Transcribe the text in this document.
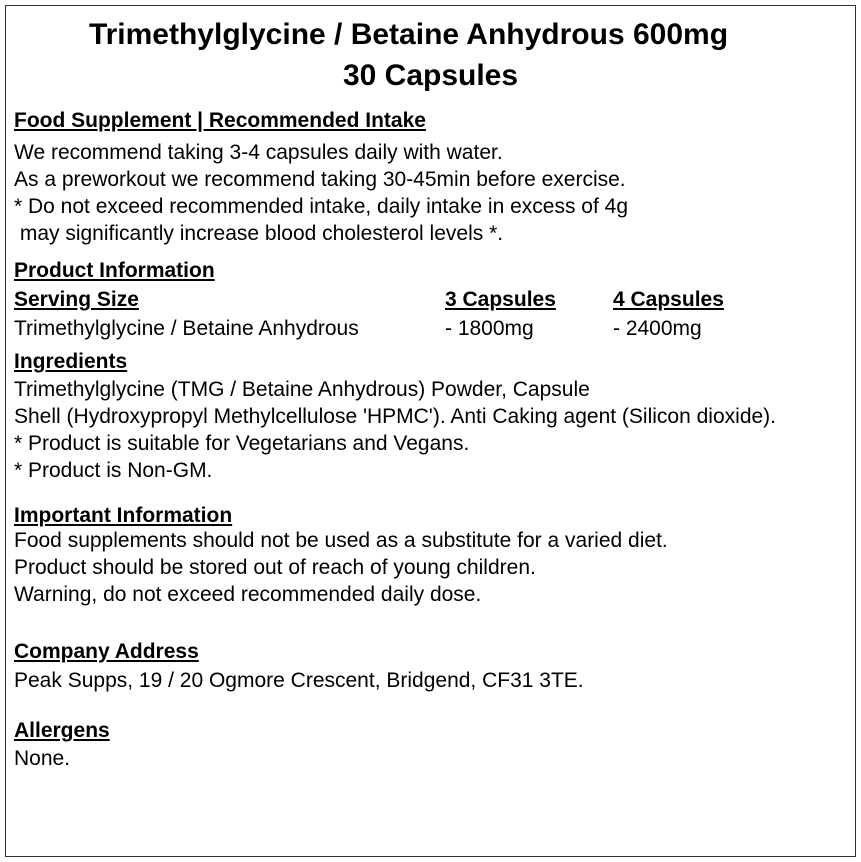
Trimethylglycine / Betaine Anhydrous 600mg
30 Capsules
Food Supplement | Recommended Intake
We recommend taking 3-4 capsules daily with water.
As a preworkout we recommend taking 30-45min before exercise.
* Do not exceed recommended intake, daily intake in excess of 4g
may significantly increase blood cholesterol levels *.
Product Information
Serving Size	3 Capsules	4 Capsules
Trimethylglycine / Betaine Anhydrous	- 1800mg	- 2400mg
Ingredients
Trimethylglycine (TMG / Betaine Anhydrous) Powder, Capsule
Shell (Hydroxypropyl Methylcellulose 'HPMC'). Anti Caking agent (Silicon dioxide).
* Product is suitable for Vegetarians and Vegans.
* Product is Non-GM.
Important Information
Food supplements should not be used as a substitute for a varied diet.
Product should be stored out of reach of young children.
Warning, do not exceed recommended daily dose.
Company Address
Peak Supps, 19 / 20 Ogmore Crescent, Bridgend, CF31 3TE.
Allergens
None.
